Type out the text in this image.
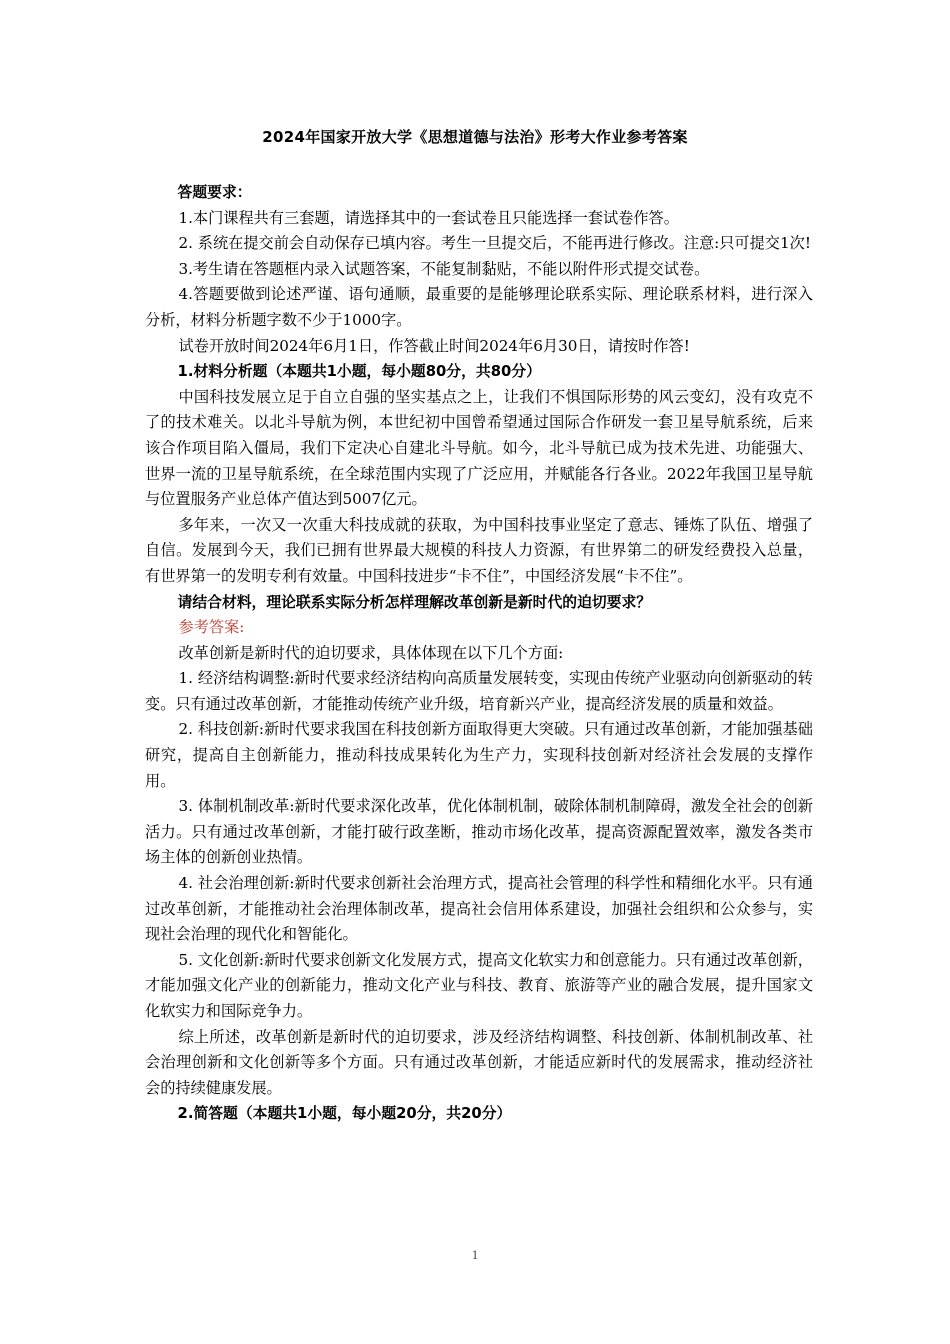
2024年国家开放大学《思想道德与法治》形考大作业参考答案

答题要求：

1.本门课程共有三套题，请选择其中的一套试卷且只能选择一套试卷作答。

2. 系统在提交前会自动保存已填内容。考生一旦提交后，不能再进行修改。注意:只可提交1次!

3.考生请在答题框内录入试题答案，不能复制黏贴，不能以附件形式提交试卷。

4.答题要做到论述严谨、语句通顺，最重要的是能够理论联系实际、理论联系材料，进行深入分析，材料分析题字数不少于1000字。

试卷开放时间2024年6月1日，作答截止时间2024年6月30日，请按时作答!

1.材料分析题（本题共1小题，每小题80分，共80分）

中国科技发展立足于自立自强的坚实基点之上，让我们不惧国际形势的风云变幻，没有攻克不了的技术难关。以北斗导航为例，本世纪初中国曾希望通过国际合作研发一套卫星导航系统，后来该合作项目陷入僵局，我们下定决心自建北斗导航。如今，北斗导航已成为技术先进、功能强大、世界一流的卫星导航系统，在全球范围内实现了广泛应用，并赋能各行各业。2022年我国卫星导航与位置服务产业总体产值达到5007亿元。

多年来，一次又一次重大科技成就的获取，为中国科技事业坚定了意志、锤炼了队伍、增强了自信。发展到今天，我们已拥有世界最大规模的科技人力资源，有世界第二的研发经费投入总量，有世界第一的发明专利有效量。中国科技进步“卡不住”，中国经济发展“卡不住”。

请结合材料，理论联系实际分析怎样理解改革创新是新时代的迫切要求？

参考答案:

改革创新是新时代的迫切要求，具体体现在以下几个方面:

1. 经济结构调整:新时代要求经济结构向高质量发展转变，实现由传统产业驱动向创新驱动的转变。只有通过改革创新，才能推动传统产业升级，培育新兴产业，提高经济发展的质量和效益。

2. 科技创新:新时代要求我国在科技创新方面取得更大突破。只有通过改革创新，才能加强基础研究，提高自主创新能力，推动科技成果转化为生产力，实现科技创新对经济社会发展的支撑作用。

3. 体制机制改革:新时代要求深化改革，优化体制机制，破除体制机制障碍，激发全社会的创新活力。只有通过改革创新，才能打破行政垄断，推动市场化改革，提高资源配置效率，激发各类市场主体的创新创业热情。

4. 社会治理创新:新时代要求创新社会治理方式，提高社会管理的科学性和精细化水平。只有通过改革创新，才能推动社会治理体制改革，提高社会信用体系建设，加强社会组织和公众参与，实现社会治理的现代化和智能化。

5. 文化创新:新时代要求创新文化发展方式，提高文化软实力和创意能力。只有通过改革创新，才能加强文化产业的创新能力，推动文化产业与科技、教育、旅游等产业的融合发展，提升国家文化软实力和国际竞争力。

综上所述，改革创新是新时代的迫切要求，涉及经济结构调整、科技创新、体制机制改革、社会治理创新和文化创新等多个方面。只有通过改革创新，才能适应新时代的发展需求，推动经济社会的持续健康发展。

2.简答题（本题共1小题，每小题20分，共20分）

1
